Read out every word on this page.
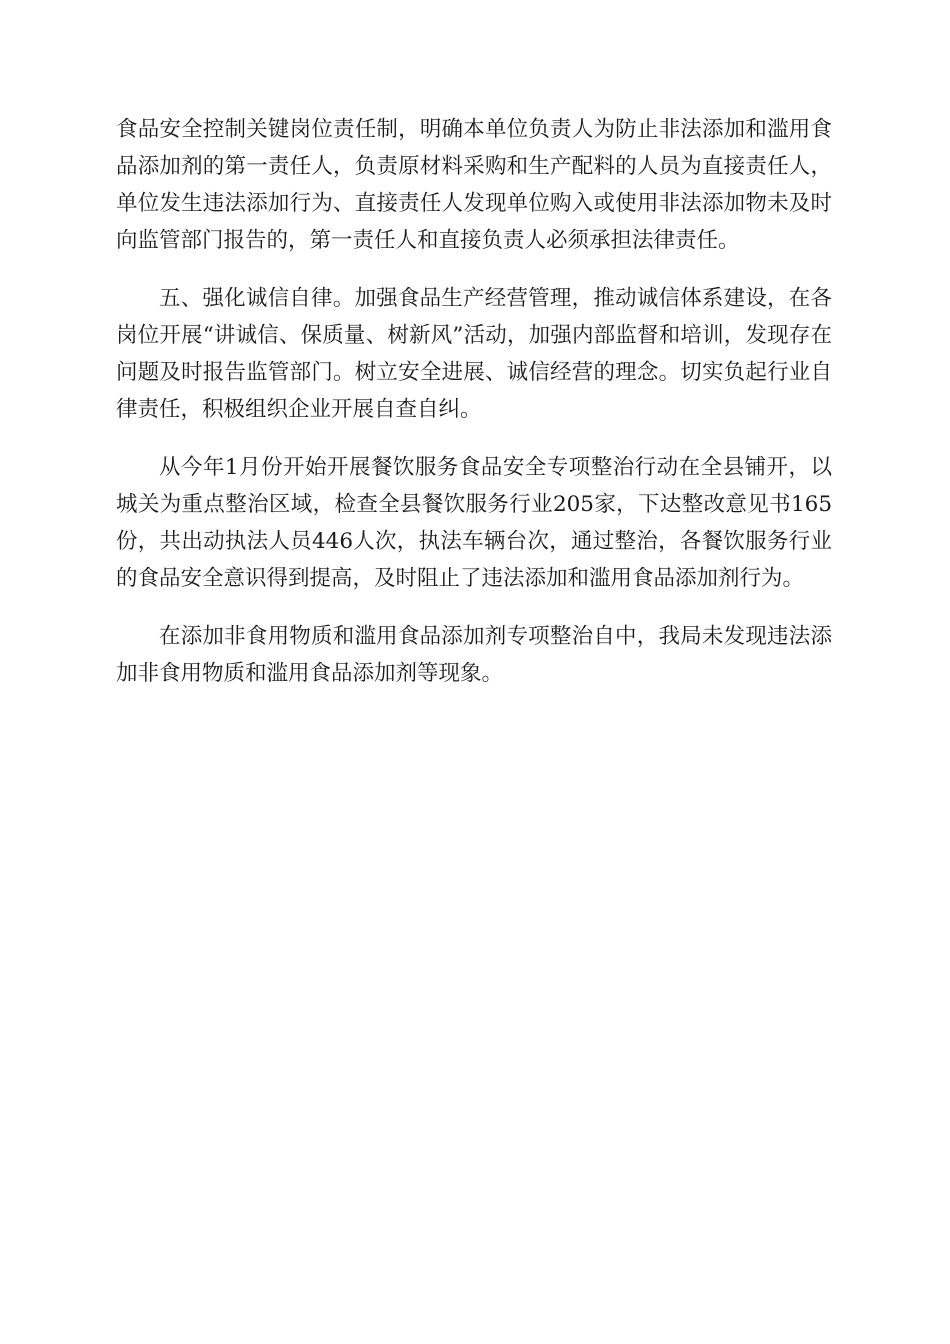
食品安全控制关键岗位责任制，明确本单位负责人为防止非法添加和滥用食品添加剂的第一责任人，负责原材料采购和生产配料的人员为直接责任人，单位发生违法添加行为、直接责任人发现单位购入或使用非法添加物未及时向监管部门报告的，第一责任人和直接负责人必须承担法律责任。

五、强化诚信自律。加强食品生产经营管理，推动诚信体系建设，在各岗位开展“讲诚信、保质量、树新风”活动，加强内部监督和培训，发现存在问题及时报告监管部门。树立安全进展、诚信经营的理念。切实负起行业自律责任，积极组织企业开展自查自纠。

从今年1月份开始开展餐饮服务食品安全专项整治行动在全县铺开，以城关为重点整治区域，检查全县餐饮服务行业205家，下达整改意见书165份，共出动执法人员446人次，执法车辆台次，通过整治，各餐饮服务行业的食品安全意识得到提高，及时阻止了违法添加和滥用食品添加剂行为。

在添加非食用物质和滥用食品添加剂专项整治自中，我局未发现违法添加非食用物质和滥用食品添加剂等现象。
